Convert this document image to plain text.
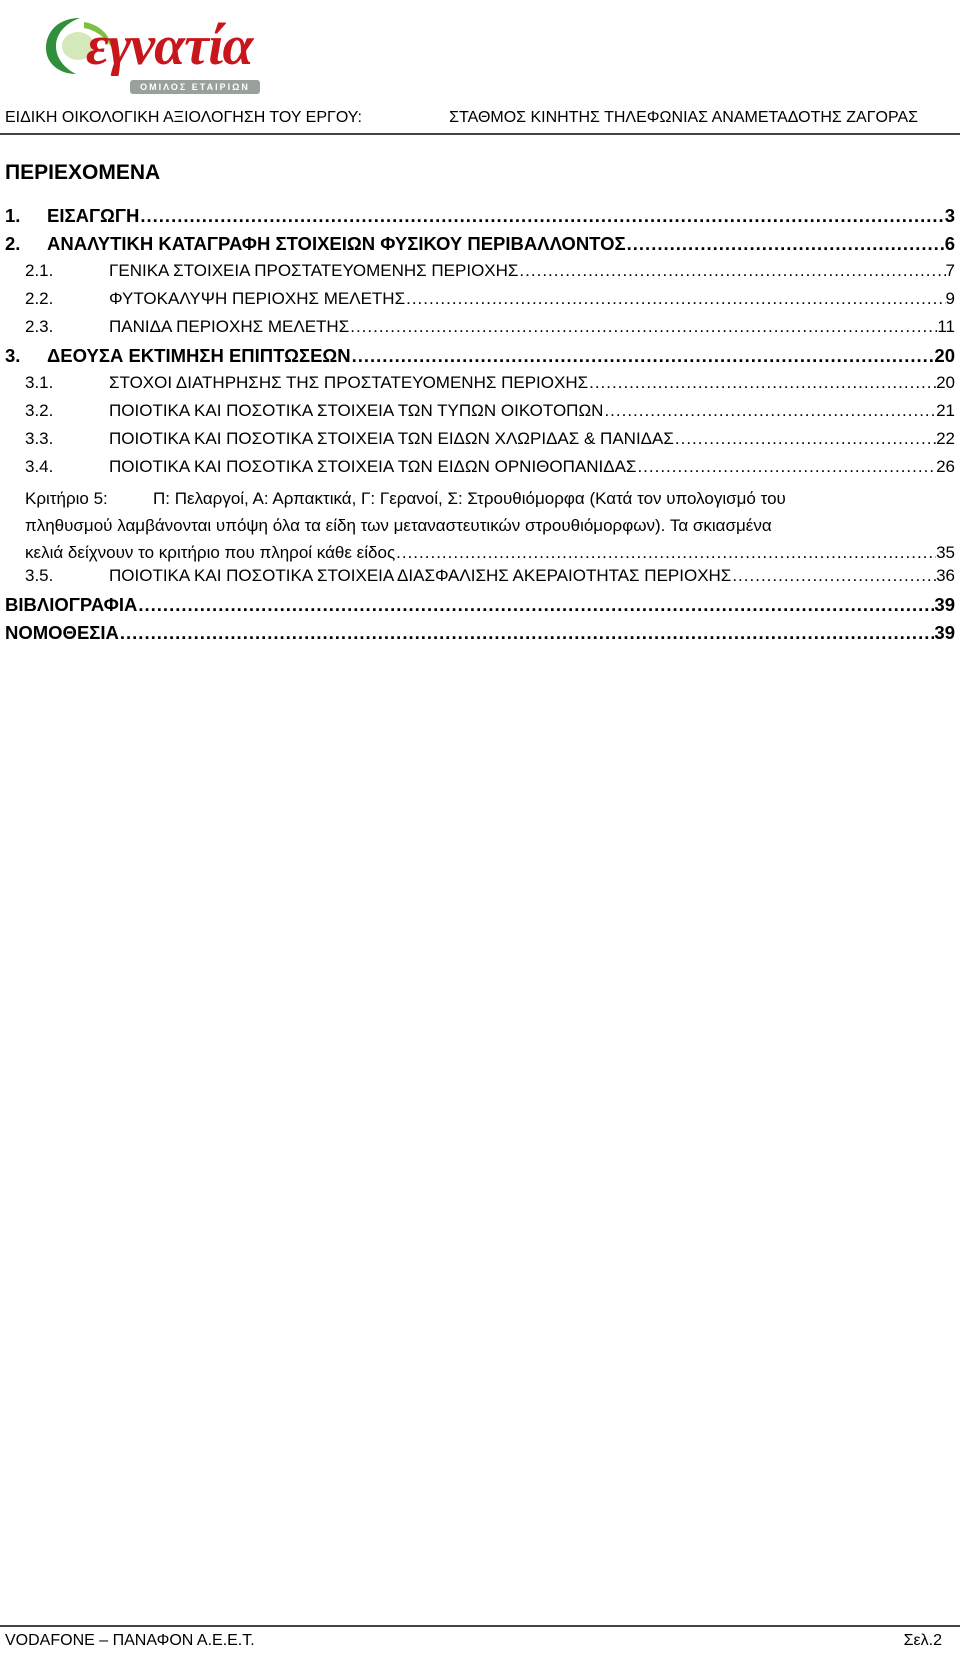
εγνατία
ΟΜΙΛΟΣ ΕΤΑΙΡΙΩΝ
ΕΙΔΙΚΗ ΟΙΚΟΛΟΓΙΚΗ ΑΞΙΟΛΟΓΗΣΗ ΤΟΥ ΕΡΓΟΥ:	ΣΤΑΘΜΟΣ ΚΙΝΗΤΗΣ ΤΗΛΕΦΩΝΙΑΣ ΑΝΑΜΕΤΑΔΟΤΗΣ ΖΑΓΟΡΑΣ
ΠΕΡΙΕΧΟΜΕΝΑ
1.	ΕΙΣΑΓΩΓΗ .....	3
2.	ΑΝΑΛΥΤΙΚΗ ΚΑΤΑΓΡΑΦΗ ΣΤΟΙΧΕΙΩΝ ΦΥΣΙΚΟΥ ΠΕΡΙΒΑΛΛΟΝΤΟΣ .....	6
2.1.	ΓΕΝΙΚΑ ΣΤΟΙΧΕΙΑ ΠΡΟΣΤΑΤΕΥΟΜΕΝΗΣ ΠΕΡΙΟΧΗΣ .....	7
2.2.	ΦΥΤΟΚΑΛΥΨΗ ΠΕΡΙΟΧΗΣ ΜΕΛΕΤΗΣ .....	9
2.3.	ΠΑΝΙΔΑ ΠΕΡΙΟΧΗΣ ΜΕΛΕΤΗΣ .....	11
3.	ΔΕΟΥΣΑ ΕΚΤΙΜΗΣΗ ΕΠΙΠΤΩΣΕΩΝ .....	20
3.1.	ΣΤΟΧΟΙ ΔΙΑΤΗΡΗΣΗΣ ΤΗΣ ΠΡΟΣΤΑΤΕΥΟΜΕΝΗΣ ΠΕΡΙΟΧΗΣ .....	20
3.2.	ΠΟΙΟΤΙΚΑ ΚΑΙ ΠΟΣΟΤΙΚΑ ΣΤΟΙΧΕΙΑ ΤΩΝ ΤΥΠΩΝ ΟΙΚΟΤΟΠΩΝ .....	21
3.3.	ΠΟΙΟΤΙΚΑ ΚΑΙ ΠΟΣΟΤΙΚΑ ΣΤΟΙΧΕΙΑ ΤΩΝ ΕΙΔΩΝ ΧΛΩΡΙΔΑΣ & ΠΑΝΙΔΑΣ .....	22
3.4.	ΠΟΙΟΤΙΚΑ ΚΑΙ ΠΟΣΟΤΙΚΑ ΣΤΟΙΧΕΙΑ ΤΩΝ ΕΙΔΩΝ ΟΡΝΙΘΟΠΑΝΙΔΑΣ .....	26
Κριτήριο 5:	Π: Πελαργοί, Α: Αρπακτικά, Γ: Γερανοί, Σ: Στρουθιόμορφα (Κατά τον υπολογισμό του
πληθυσμού λαμβάνονται υπόψη όλα τα είδη των μεταναστευτικών στρουθιόμορφων). Τα σκιασμένα
κελιά δείχνουν το κριτήριο που πληροί κάθε είδος .....	35
3.5.	ΠΟΙΟΤΙΚΑ ΚΑΙ ΠΟΣΟΤΙΚΑ ΣΤΟΙΧΕΙΑ ΔΙΑΣΦΑΛΙΣΗΣ ΑΚΕΡΑΙΟΤΗΤΑΣ ΠΕΡΙΟΧΗΣ .....	36
ΒΙΒΛΙΟΓΡΑΦΙΑ .....	39
ΝΟΜΟΘΕΣΙΑ .....	39
VODAFONE – ΠΑΝΑΦΟΝ Α.Ε.Ε.Τ.	Σελ.2
